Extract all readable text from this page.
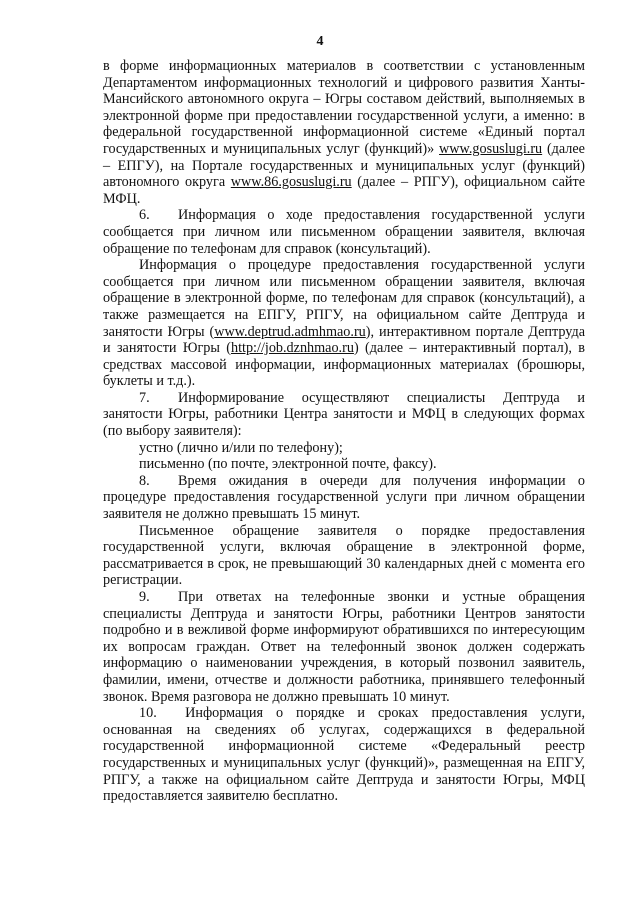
4

в форме информационных материалов в соответствии с установленным Департаментом информационных технологий и цифрового развития Ханты-Мансийского автономного округа – Югры составом действий, выполняемых в электронной форме при предоставлении государственной услуги, а именно: в федеральной государственной информационной системе «Единый портал государственных и муниципальных услуг (функций)» www.gosuslugi.ru (далее – ЕПГУ), на Портале государственных и муниципальных услуг (функций) автономного округа www.86.gosuslugi.ru (далее – РПГУ), официальном сайте МФЦ.

6.  Информация о ходе предоставления государственной услуги сообщается при личном или письменном обращении заявителя, включая обращение по телефонам для справок (консультаций).

Информация о процедуре предоставления государственной услуги сообщается при личном или письменном обращении заявителя, включая обращение в электронной форме, по телефонам для справок (консультаций), а также размещается на ЕПГУ, РПГУ, на официальном сайте Дептруда и занятости Югры (www.deptrud.admhmao.ru), интерактивном портале Дептруда и занятости Югры (http://job.dznhmao.ru) (далее – интерактивный портал), в средствах массовой информации, информационных материалах (брошюры, буклеты и т.д.).

7.  Информирование осуществляют специалисты Дептруда и занятости Югры, работники Центра занятости и МФЦ в следующих формах (по выбору заявителя):

устно (лично и/или по телефону);

письменно (по почте, электронной почте, факсу).

8.  Время ожидания в очереди для получения информации о процедуре предоставления государственной услуги при личном обращении заявителя не должно превышать 15 минут.

Письменное обращение заявителя о порядке предоставления государственной услуги, включая обращение в электронной форме, рассматривается в срок, не превышающий 30 календарных дней с момента его регистрации.

9.  При ответах на телефонные звонки и устные обращения специалисты Дептруда и занятости Югры, работники Центров занятости подробно и в вежливой форме информируют обратившихся по интересующим их вопросам граждан. Ответ на телефонный звонок должен содержать информацию о наименовании учреждения, в который позвонил заявитель, фамилии, имени, отчестве и должности работника, принявшего телефонный звонок. Время разговора не должно превышать 10 минут.

10.  Информация о порядке и сроках предоставления услуги, основанная на сведениях об услугах, содержащихся в федеральной государственной информационной системе «Федеральный реестр государственных и муниципальных услуг (функций)», размещенная на ЕПГУ, РПГУ, а также на официальном сайте Дептруда и занятости Югры, МФЦ предоставляется заявителю бесплатно.
